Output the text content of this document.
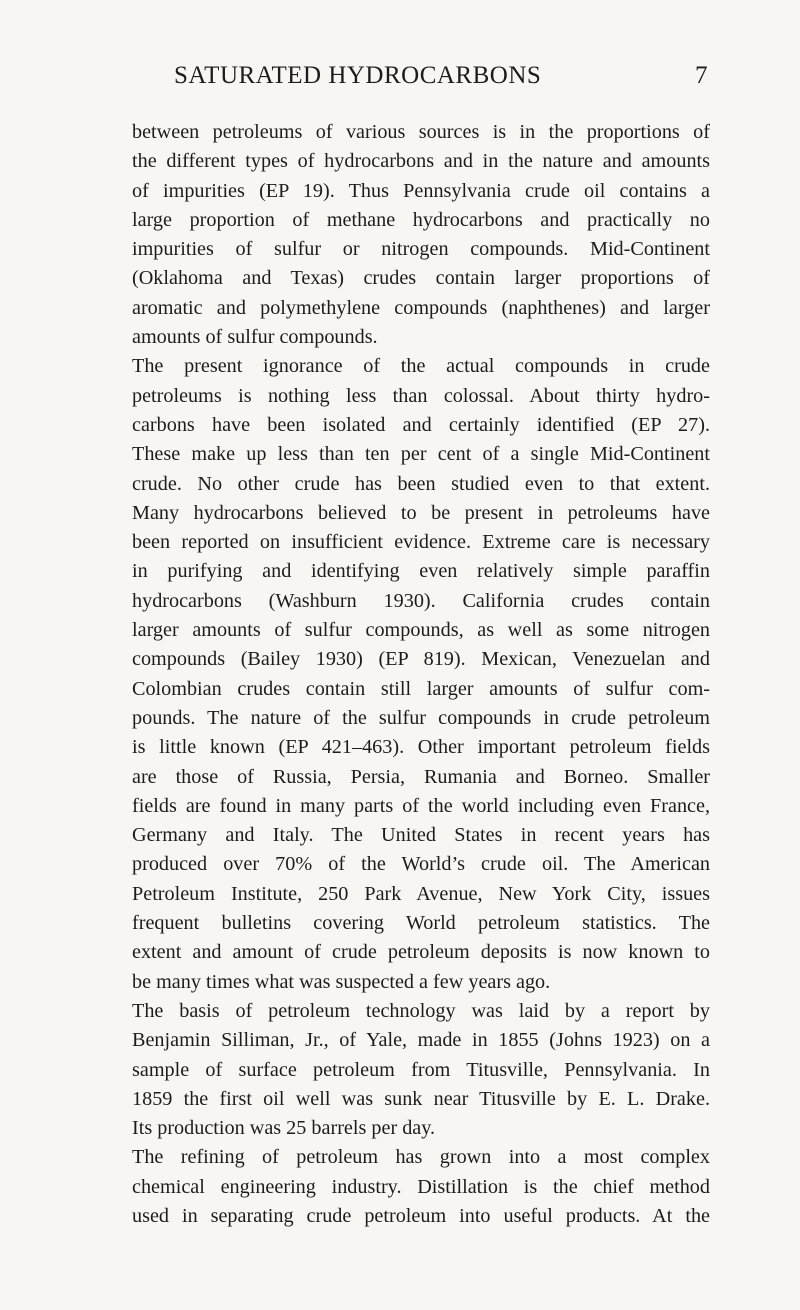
SATURATED HYDROCARBONS	7
between petroleums of various sources is in the proportions of
the different types of hydrocarbons and in the nature and amounts
of impurities (EP 19). Thus Pennsylvania crude oil contains a
large proportion of methane hydrocarbons and practically no
impurities of sulfur or nitrogen compounds. Mid-Continent
(Oklahoma and Texas) crudes contain larger proportions of
aromatic and polymethylene compounds (naphthenes) and larger
amounts of sulfur compounds.
The present ignorance of the actual compounds in crude
petroleums is nothing less than colossal. About thirty hydro-
carbons have been isolated and certainly identified (EP 27).
These make up less than ten per cent of a single Mid-Continent
crude. No other crude has been studied even to that extent.
Many hydrocarbons believed to be present in petroleums have
been reported on insufficient evidence. Extreme care is necessary
in purifying and identifying even relatively simple paraffin
hydrocarbons (Washburn 1930). California crudes contain
larger amounts of sulfur compounds, as well as some nitrogen
compounds (Bailey 1930) (EP 819). Mexican, Venezuelan and
Colombian crudes contain still larger amounts of sulfur com-
pounds. The nature of the sulfur compounds in crude petroleum
is little known (EP 421–463). Other important petroleum fields
are those of Russia, Persia, Rumania and Borneo. Smaller
fields are found in many parts of the world including even France,
Germany and Italy. The United States in recent years has
produced over 70% of the World’s crude oil. The American
Petroleum Institute, 250 Park Avenue, New York City, issues
frequent bulletins covering World petroleum statistics. The
extent and amount of crude petroleum deposits is now known to
be many times what was suspected a few years ago.
The basis of petroleum technology was laid by a report by
Benjamin Silliman, Jr., of Yale, made in 1855 (Johns 1923) on a
sample of surface petroleum from Titusville, Pennsylvania. In
1859 the first oil well was sunk near Titusville by E. L. Drake.
Its production was 25 barrels per day.
The refining of petroleum has grown into a most complex
chemical engineering industry. Distillation is the chief method
used in separating crude petroleum into useful products. At the
